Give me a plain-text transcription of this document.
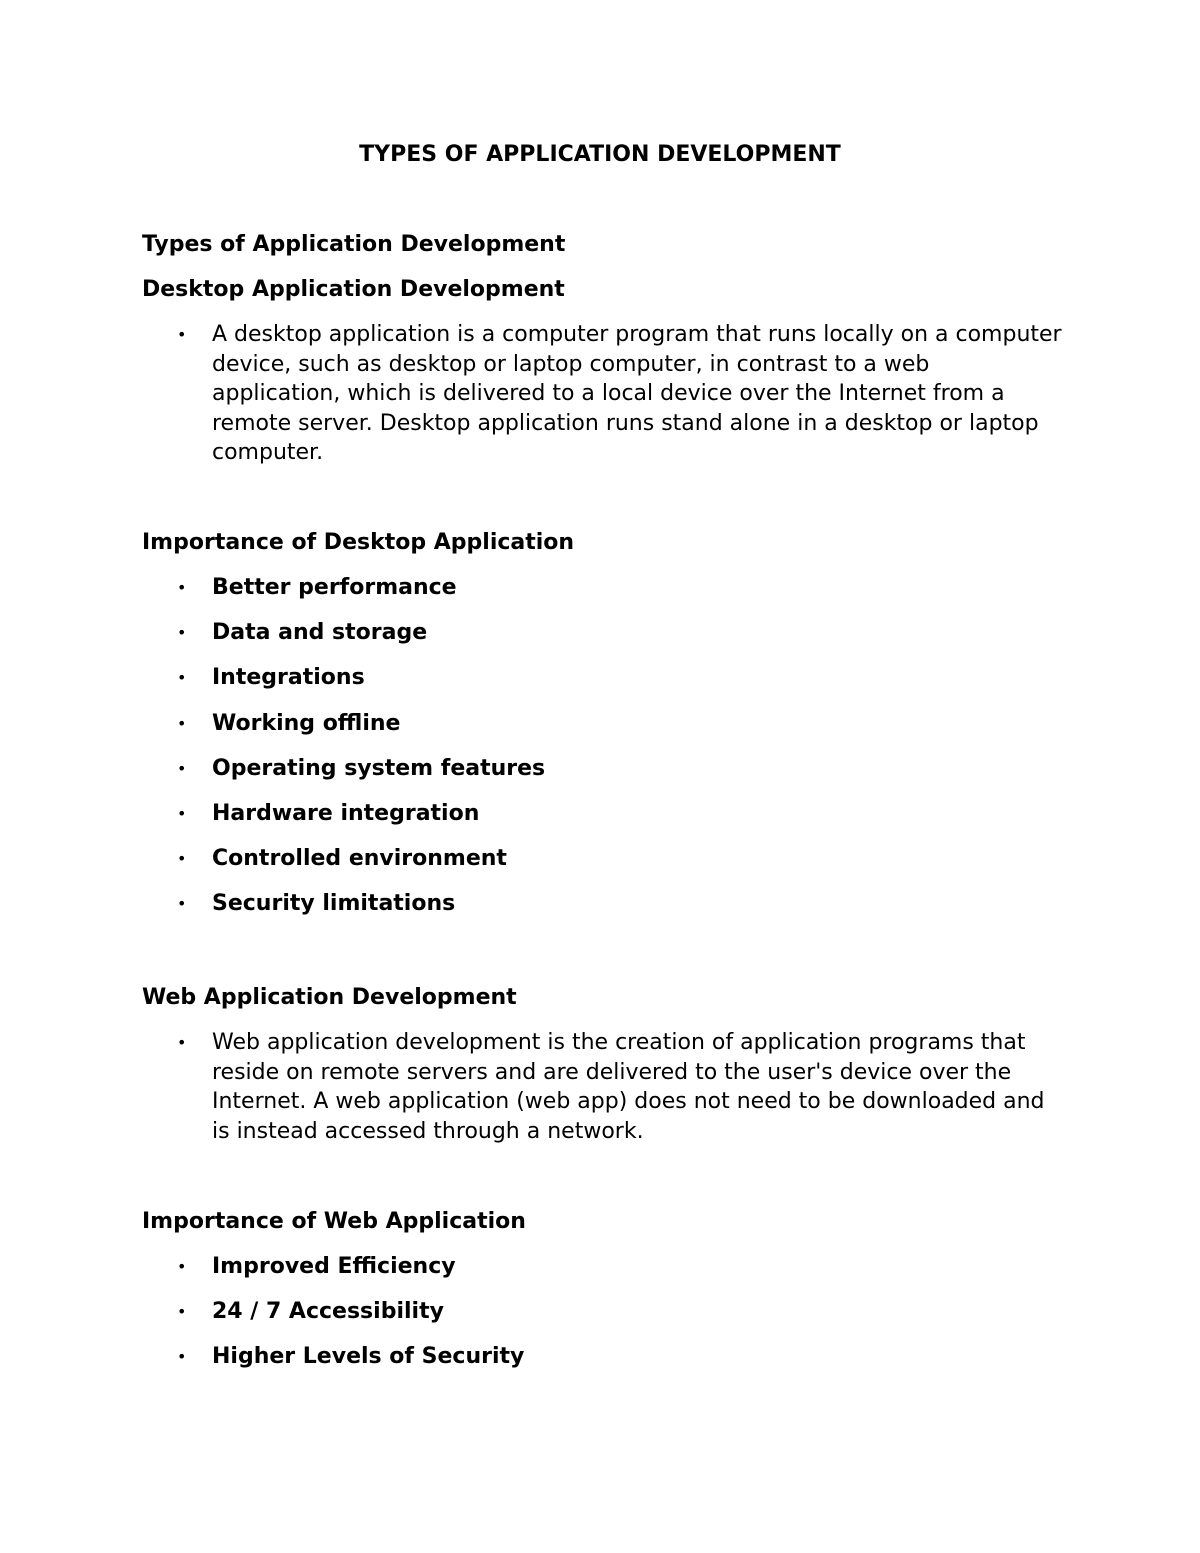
TYPES OF APPLICATION DEVELOPMENT
Types of Application Development
Desktop Application Development
• A desktop application is a computer program that runs locally on a computer device, such as desktop or laptop computer, in contrast to a web application, which is delivered to a local device over the Internet from a remote server. Desktop application runs stand alone in a desktop or laptop computer.
Importance of Desktop Application
• Better performance
• Data and storage
• Integrations
• Working offline
• Operating system features
• Hardware integration
• Controlled environment
• Security limitations
Web Application Development
• Web application development is the creation of application programs that reside on remote servers and are delivered to the user's device over the Internet. A web application (web app) does not need to be downloaded and is instead accessed through a network.
Importance of Web Application
• Improved Efficiency
• 24 / 7 Accessibility
• Higher Levels of Security
